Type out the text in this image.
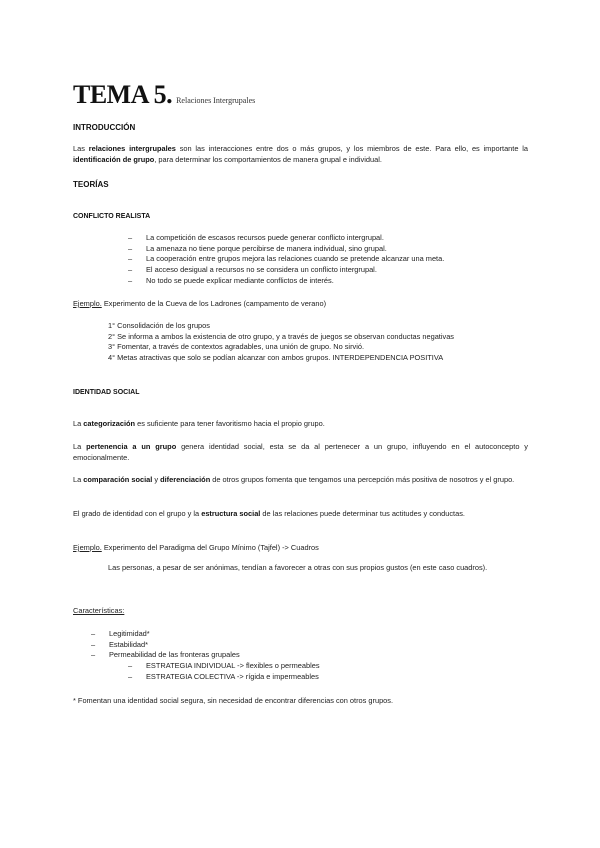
TEMA 5. Relaciones Intergrupales
INTRODUCCIÓN
Las relaciones intergrupales son las interacciones entre dos o más grupos, y los miembros de este. Para ello, es importante la identificación de grupo, para determinar los comportamientos de manera grupal e individual.
TEORÍAS
CONFLICTO REALISTA
– La competición de escasos recursos puede generar conflicto intergrupal.
– La amenaza no tiene porque percibirse de manera individual, sino grupal.
– La cooperación entre grupos mejora las relaciones cuando se pretende alcanzar una meta.
– El acceso desigual a recursos no se considera un conflicto intergrupal.
– No todo se puede explicar mediante conflictos de interés.
Ejemplo. Experimento de la Cueva de los Ladrones (campamento de verano)
1° Consolidación de los grupos
2° Se informa a ambos la existencia de otro grupo, y a través de juegos se observan conductas negativas
3° Fomentar, a través de contextos agradables, una unión de grupo. No sirvió.
4° Metas atractivas que solo se podían alcanzar con ambos grupos. INTERDEPENDENCIA POSITIVA
IDENTIDAD SOCIAL
La categorización es suficiente para tener favoritismo hacia el propio grupo.
La pertenencia a un grupo genera identidad social, esta se da al pertenecer a un grupo, influyendo en el autoconcepto y emocionalmente.
La comparación social y diferenciación de otros grupos fomenta que tengamos una percepción más positiva de nosotros y el grupo.
El grado de identidad con el grupo y la estructura social de las relaciones puede determinar tus actitudes y conductas.
Ejemplo. Experimento del Paradigma del Grupo Mínimo (Tajfel) -> Cuadros
Las personas, a pesar de ser anónimas, tendían a favorecer a otras con sus propios gustos (en este caso cuadros).
Características:
– Legitimidad*
– Estabilidad*
– Permeabilidad de las fronteras grupales
– ESTRATEGIA INDIVIDUAL -> flexibles o permeables
– ESTRATEGIA COLECTIVA -> rígida e impermeables
* Fomentan una identidad social segura, sin necesidad de encontrar diferencias con otros grupos.
